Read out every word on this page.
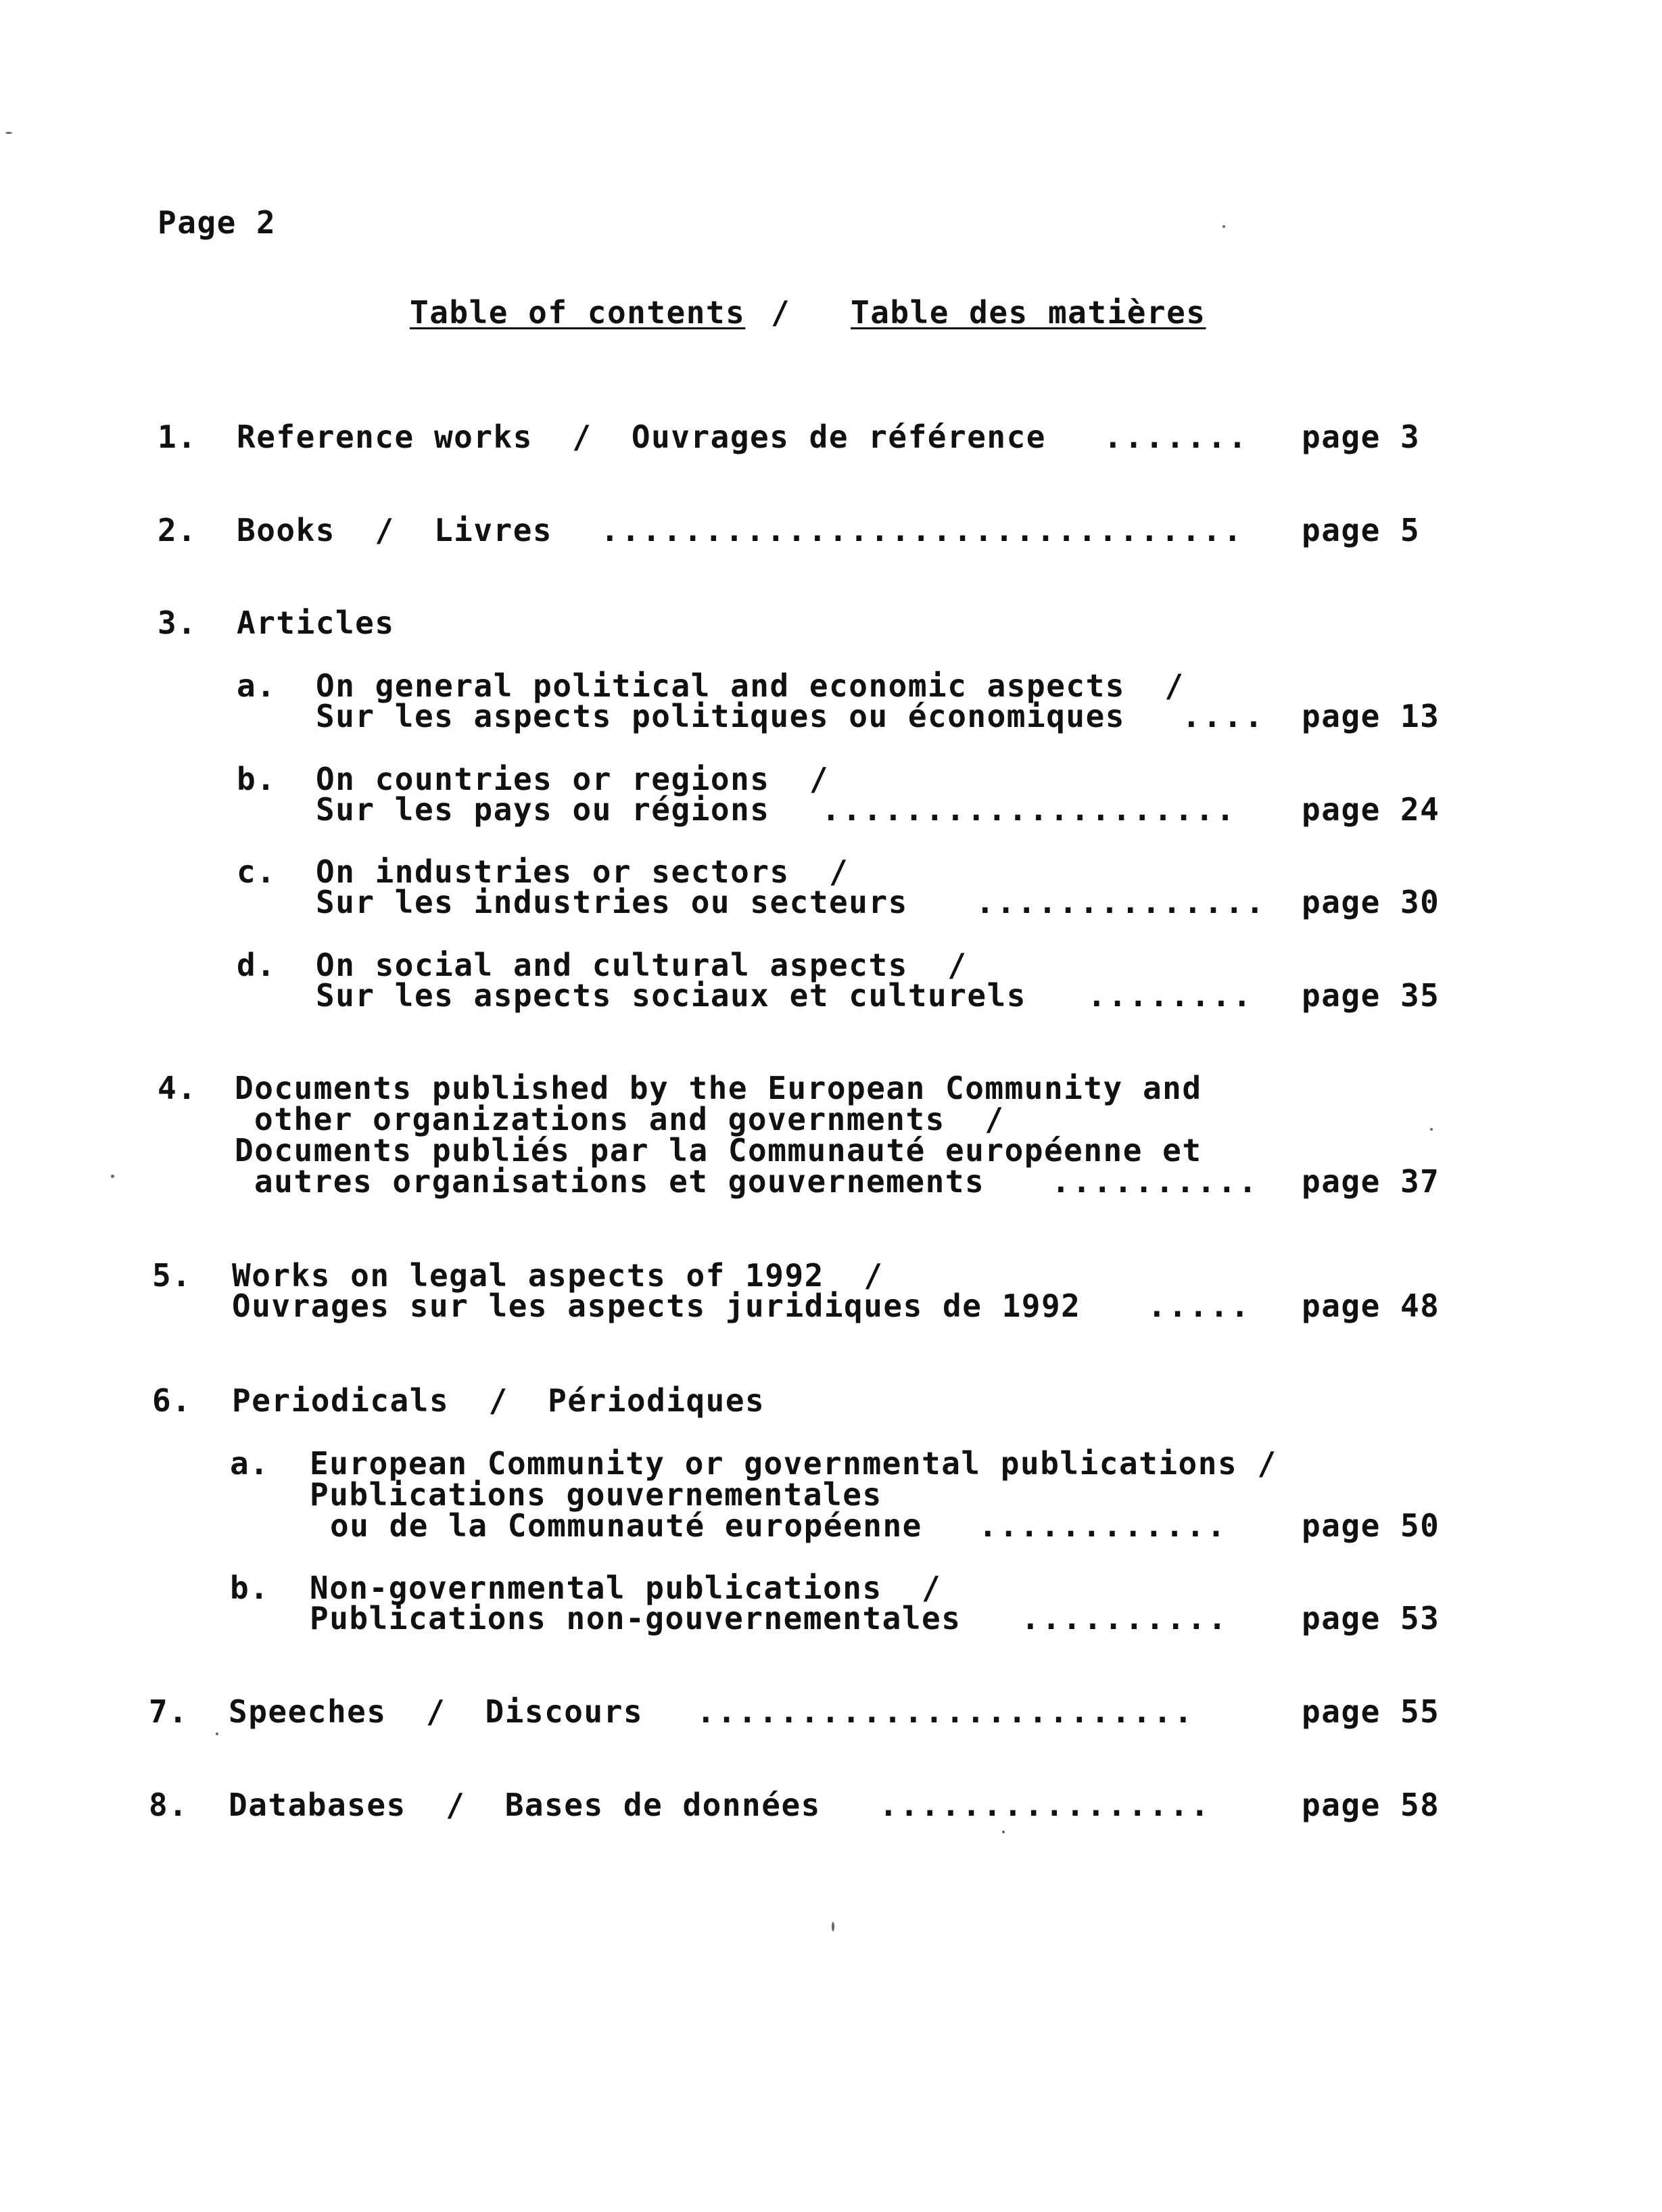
Page 2
Table of contents / Table des matières
1. Reference works  /  Ouvrages de référence ....... page 3
2. Books  /  Livres ............................... page 5
3. Articles
a. On general political and economic aspects  /
Sur les aspects politiques ou économiques .... page 13
b. On countries or regions  /
Sur les pays ou régions .................... page 24
c. On industries or sectors  /
Sur les industries ou secteurs .............. page 30
d. On social and cultural aspects  /
Sur les aspects sociaux et culturels ........ page 35
4. Documents published by the European Community and
other organizations and governments  /
Documents publiés par la Communauté européenne et
autres organisations et gouvernements .......... page 37
5. Works on legal aspects of 1992  /
Ouvrages sur les aspects juridiques de 1992 ..... page 48
6. Periodicals  /  Périodiques
a. European Community or governmental publications /
Publications gouvernementales
ou de la Communauté européenne ............ page 50
b. Non-governmental publications  /
Publications non-gouvernementales .......... page 53
7. Speeches  /  Discours ........................	page 55
8. Databases  /  Bases de données ................	page 58
